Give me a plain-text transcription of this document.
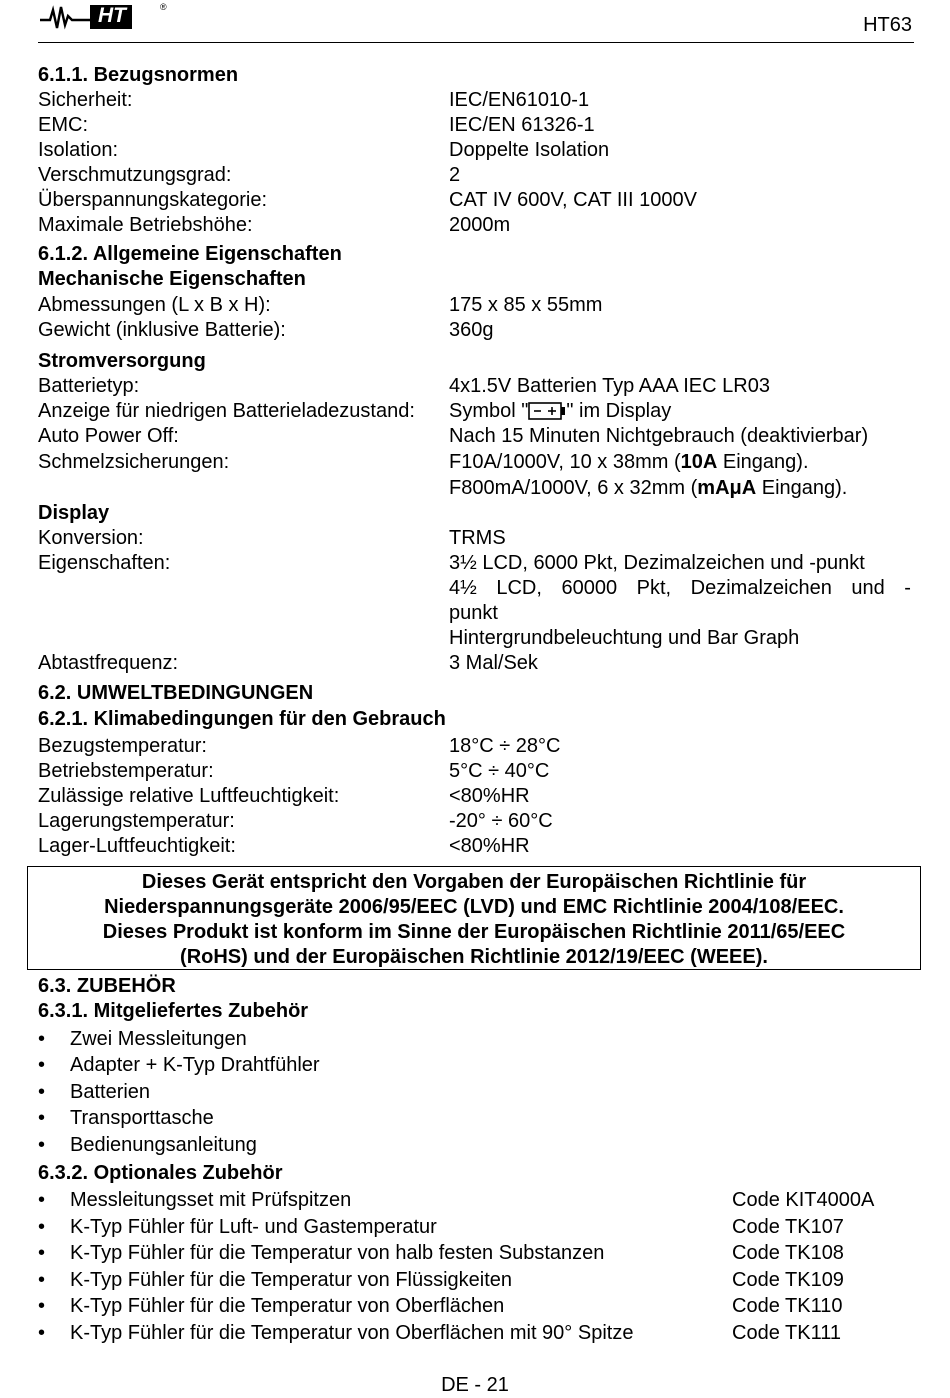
HT	®
HT63
6.1.1. Bezugsnormen
Sicherheit:	IEC/EN61010-1
EMC:	IEC/EN 61326-1
Isolation:	Doppelte Isolation
Verschmutzungsgrad:	2
Überspannungskategorie:	CAT IV 600V, CAT III 1000V
Maximale Betriebshöhe:	2000m
6.1.2. Allgemeine Eigenschaften
Mechanische Eigenschaften
Abmessungen (L x B x H):	175 x 85 x 55mm
Gewicht (inklusive Batterie):	360g
Stromversorgung
Batterietyp:	4x1.5V Batterien Typ AAA IEC LR03
Anzeige für niedrigen Batterieladezustand: Symbol " " im Display
Auto Power Off:	Nach 15 Minuten Nichtgebrauch (deaktivierbar)
Schmelzsicherungen:	F10A/1000V, 10 x 38mm (10A Eingang).
F800mA/1000V, 6 x 32mm (mAμA Eingang).
Display
Konversion:	TRMS
Eigenschaften:	3½ LCD, 6000 Pkt, Dezimalzeichen und -punkt
4½ LCD, 60000 Pkt, Dezimalzeichen und -
punkt
Hintergrundbeleuchtung und Bar Graph
Abtastfrequenz:	3 Mal/Sek
6.2. UMWELTBEDINGUNGEN
6.2.1. Klimabedingungen für den Gebrauch
Bezugstemperatur:	18°C ÷ 28°C
Betriebstemperatur:	5°C ÷ 40°C
Zulässige relative Luftfeuchtigkeit:	<80%HR
Lagerungstemperatur:	-20° ÷ 60°C
Lager-Luftfeuchtigkeit:	<80%HR
Dieses Gerät entspricht den Vorgaben der Europäischen Richtlinie für
Niederspannungsgeräte 2006/95/EEC (LVD) und EMC Richtlinie 2004/108/EEC.
Dieses Produkt ist konform im Sinne der Europäischen Richtlinie 2011/65/EEC
(RoHS) und der Europäischen Richtlinie 2012/19/EEC (WEEE).
6.3. ZUBEHÖR
6.3.1. Mitgeliefertes Zubehör
• Zwei Messleitungen
• Adapter + K-Typ Drahtfühler
• Batterien
• Transporttasche
• Bedienungsanleitung
6.3.2. Optionales Zubehör
• Messleitungsset mit Prüfspitzen	Code KIT4000A
• K-Typ Fühler für Luft- und Gastemperatur	Code TK107
• K-Typ Fühler für die Temperatur von halb festen Substanzen	Code TK108
• K-Typ Fühler für die Temperatur von Flüssigkeiten	Code TK109
• K-Typ Fühler für die Temperatur von Oberflächen	Code TK110
• K-Typ Fühler für die Temperatur von Oberflächen mit 90° Spitze	Code TK111
DE - 21
